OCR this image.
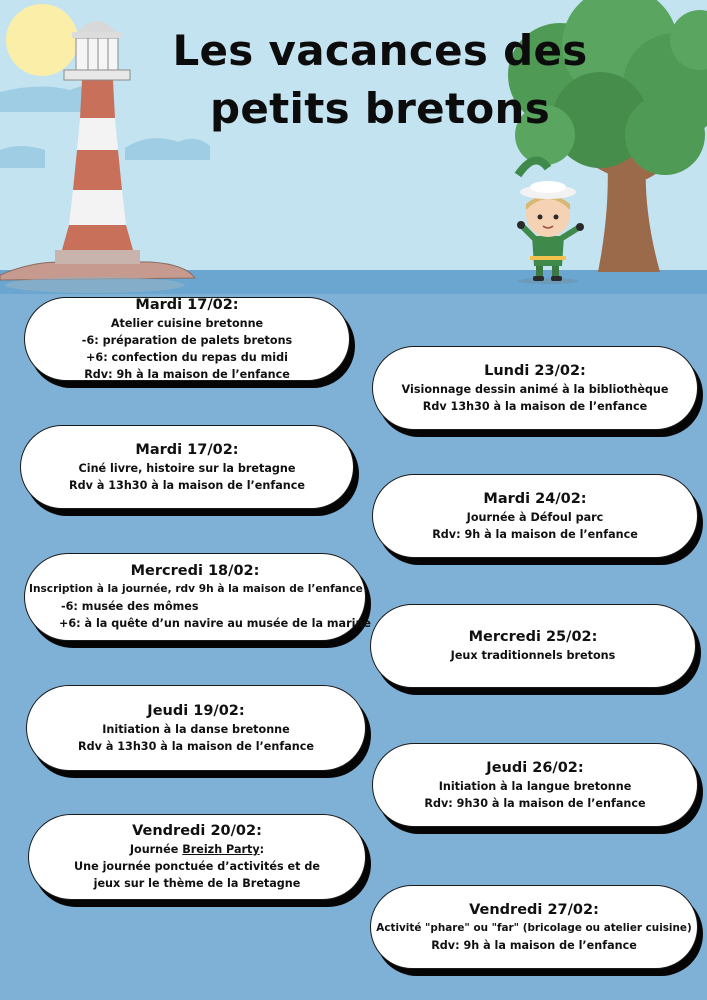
Les vacances des petits bretons
Mardi 17/02:
Atelier cuisine bretonne
-6: préparation de palets bretons
+6: confection du repas du midi
Rdv: 9h à la maison de l’enfance
Mardi 17/02:
Ciné livre, histoire sur la bretagne
Rdv à 13h30 à la maison de l’enfance
Mercredi 18/02:
Inscription à la journée, rdv 9h à la maison de l’enfance
-6: musée des mômes
+6: à la quête d’un navire au musée de la marine
Jeudi 19/02:
Initiation à la danse bretonne
Rdv à 13h30 à la maison de l’enfance
Vendredi 20/02:
Journée Breizh Party:
Une journée ponctuée d’activités et de
jeux sur le thème de la Bretagne
Lundi 23/02:
Visionnage dessin animé à la bibliothèque
Rdv 13h30 à la maison de l’enfance
Mardi 24/02:
Journée à Défoul parc
Rdv: 9h à la maison de l’enfance
Mercredi 25/02:
Jeux traditionnels bretons
Jeudi 26/02:
Initiation à la langue bretonne
Rdv: 9h30 à la maison de l’enfance
Vendredi 27/02:
Activité "phare" ou "far" (bricolage ou atelier cuisine)
Rdv: 9h à la maison de l’enfance
